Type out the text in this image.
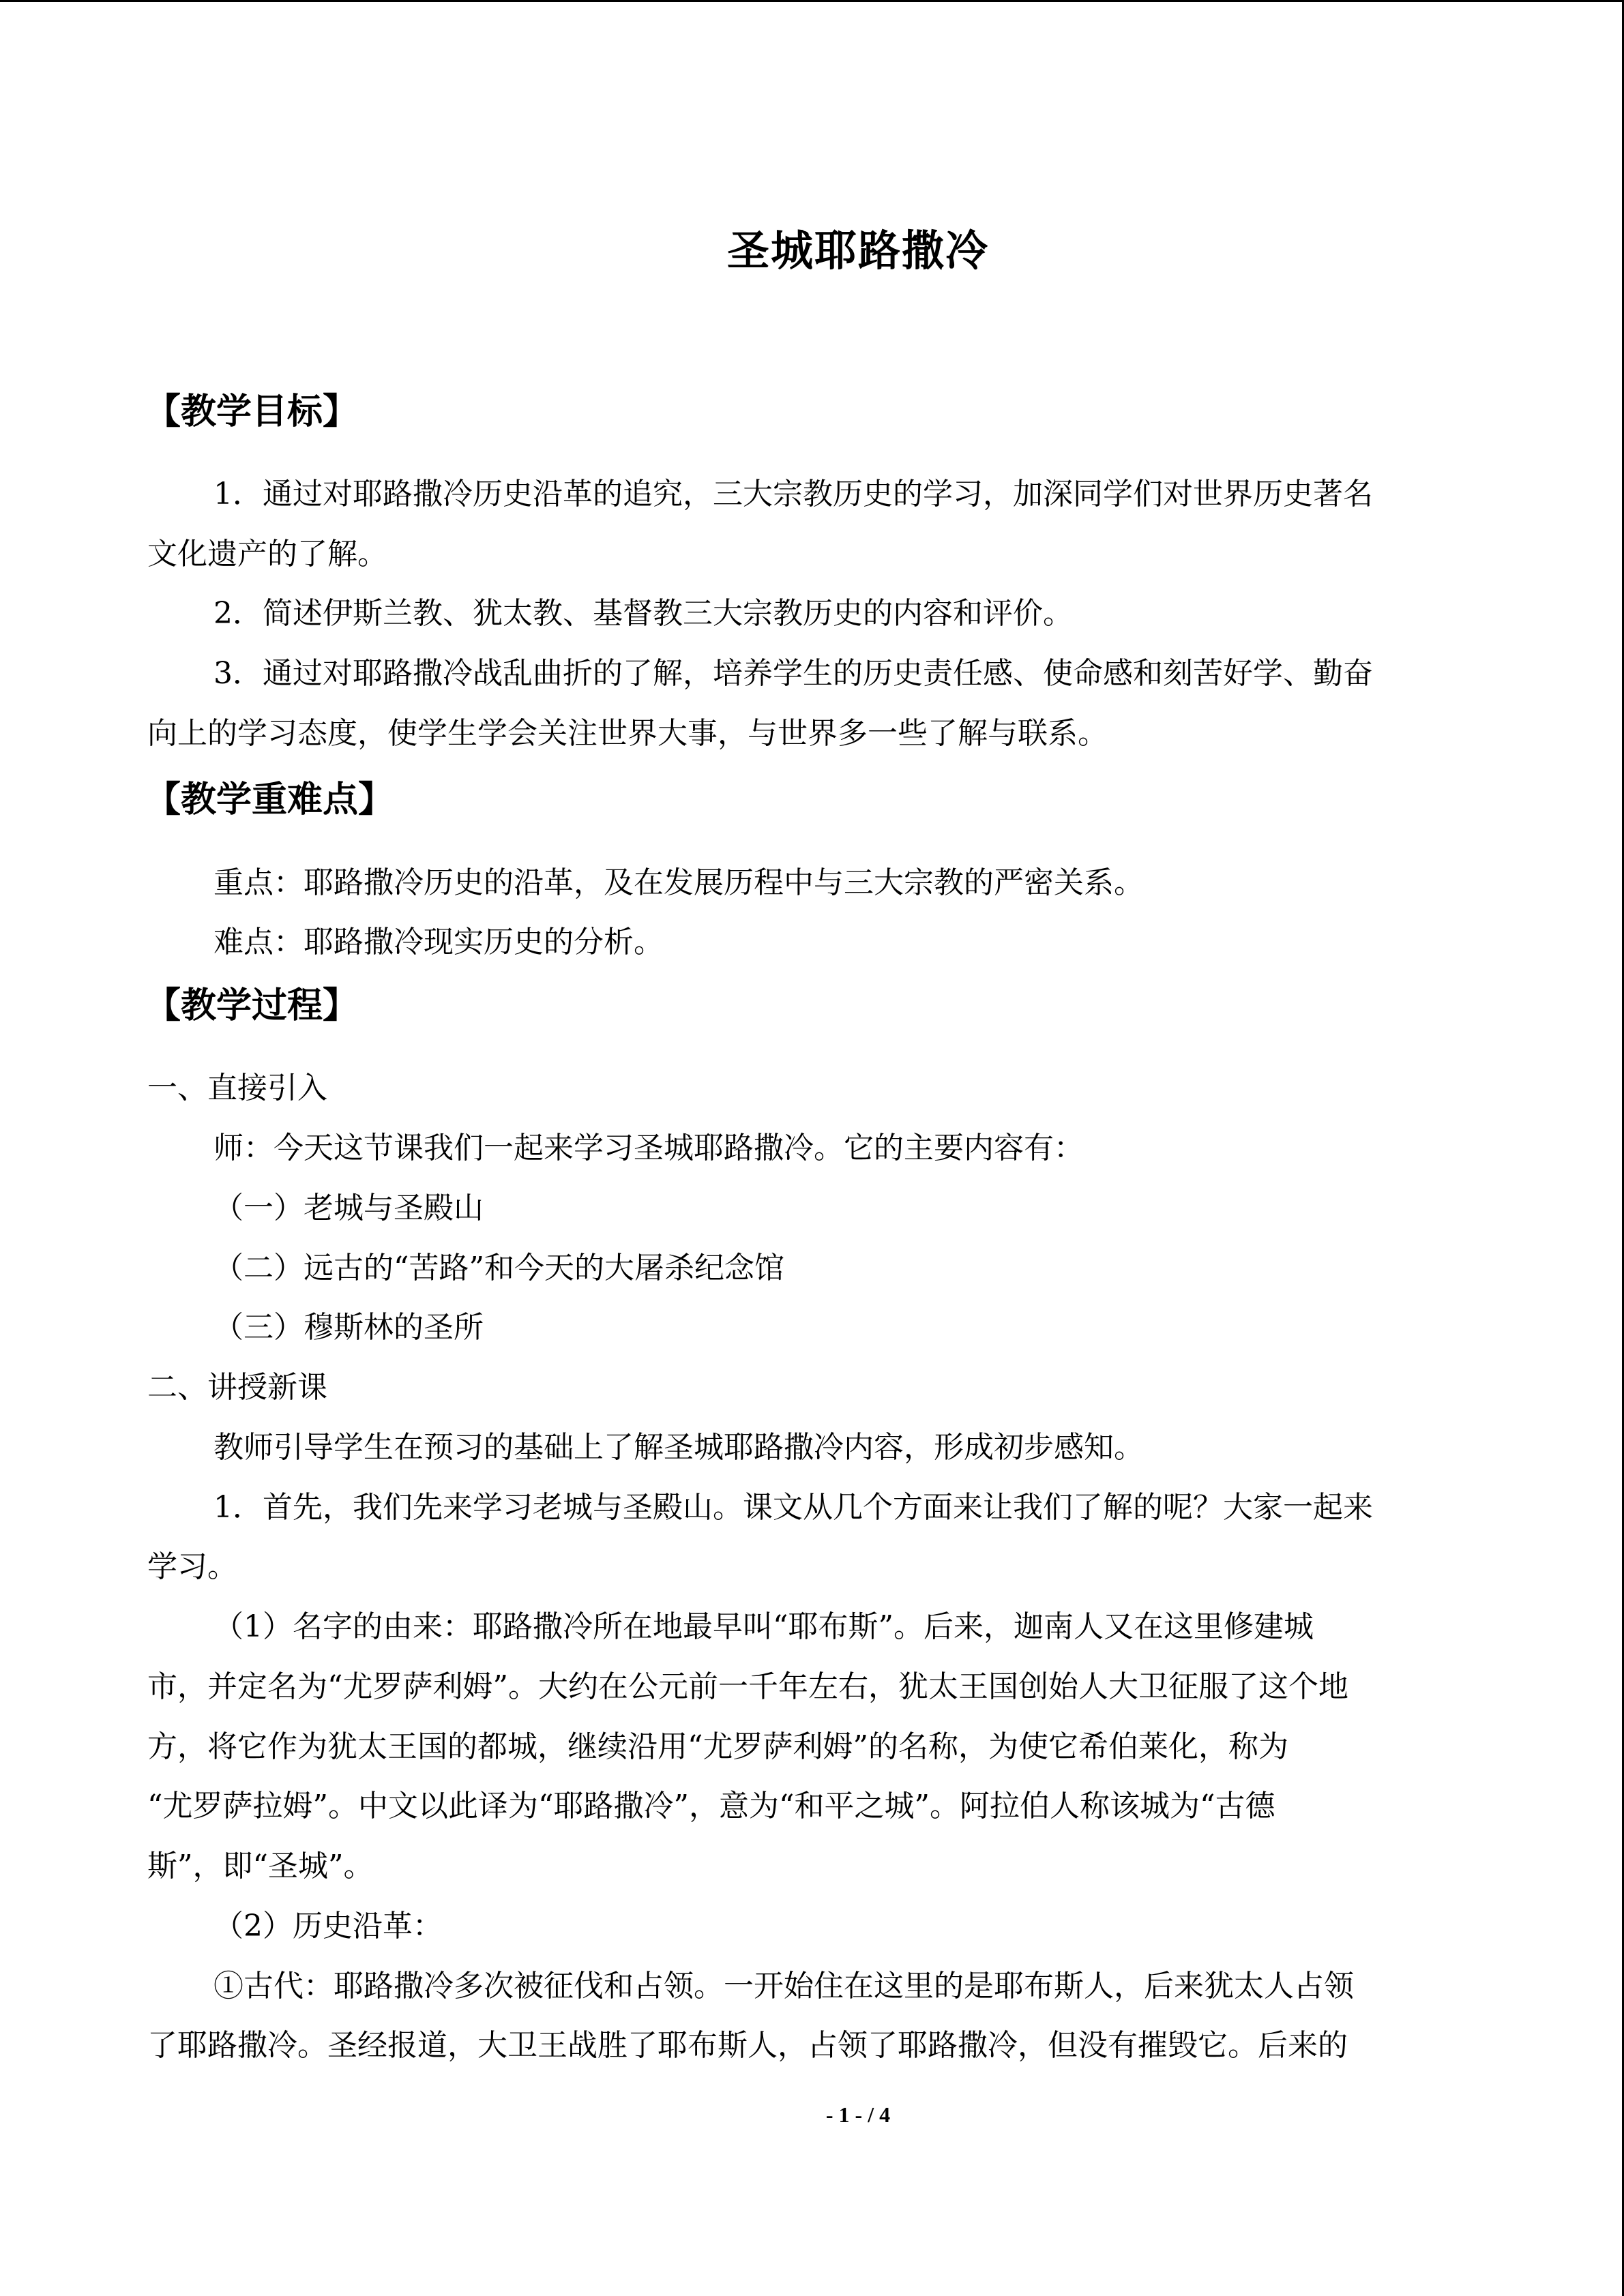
圣城耶路撒冷
【教学目标】
1．通过对耶路撒冷历史沿革的追究，三大宗教历史的学习，加深同学们对世界历史著名
文化遗产的了解。
2．简述伊斯兰教、犹太教、基督教三大宗教历史的内容和评价。
3．通过对耶路撒冷战乱曲折的了解，培养学生的历史责任感、使命感和刻苦好学、勤奋
向上的学习态度，使学生学会关注世界大事，与世界多一些了解与联系。
【教学重难点】
重点：耶路撒冷历史的沿革，及在发展历程中与三大宗教的严密关系。
难点：耶路撒冷现实历史的分析。
【教学过程】
一、直接引入
师：今天这节课我们一起来学习圣城耶路撒冷。它的主要内容有：
（一）老城与圣殿山
（二）远古的“苦路”和今天的大屠杀纪念馆
（三）穆斯林的圣所
二、讲授新课
教师引导学生在预习的基础上了解圣城耶路撒冷内容，形成初步感知。
1．首先，我们先来学习老城与圣殿山。课文从几个方面来让我们了解的呢？大家一起来
学习。
（1）名字的由来：耶路撒冷所在地最早叫“耶布斯”。后来，迦南人又在这里修建城
市，并定名为“尤罗萨利姆”。大约在公元前一千年左右，犹太王国创始人大卫征服了这个地
方，将它作为犹太王国的都城，继续沿用“尤罗萨利姆”的名称，为使它希伯莱化，称为
“尤罗萨拉姆”。中文以此译为“耶路撒冷”，意为“和平之城”。阿拉伯人称该城为“古德
斯”，即“圣城”。
（2）历史沿革：
①古代：耶路撒冷多次被征伐和占领。一开始住在这里的是耶布斯人，后来犹太人占领
了耶路撒冷。圣经报道，大卫王战胜了耶布斯人，占领了耶路撒冷，但没有摧毁它。后来的
- 1 - / 4
